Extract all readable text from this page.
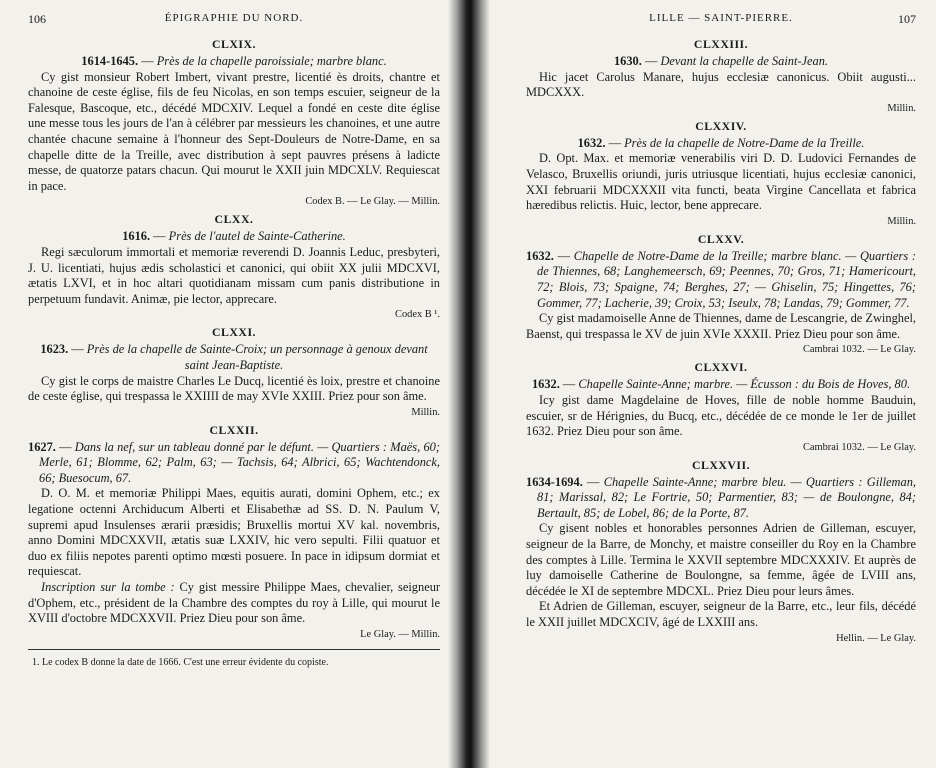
106	ÉPIGRAPHIE DU NORD.
CLXIX.

1614-1645. — Près de la chapelle paroissiale; marbre blanc.

Cy gist monsieur Robert Imbert, vivant prestre, licentié ès droits, chantre et chanoine de ceste église, fils de feu Nicolas, en son temps escuier, seigneur de la Falesque, Bascoque, etc., décédé MDCXIV. Lequel a fondé en ceste dite église une messe tous les jours de l'an à célébrer par messieurs les chanoines, et une autre chantée chacune semaine à l'honneur des Sept-Douleurs de Notre-Dame, en sa chapelle ditte de la Treille, avec distribution à sept pauvres présens à ladicte messe, de quatorze patars chacun. Qui mourut le XXII juin MDCXLV. Requiescat in pace.

Codex B. — Le Glay. — Millin.

CLXX.

1616. — Près de l'autel de Sainte-Catherine.

Regi sæculorum immortali et memoriæ reverendi D. Joannis Leduc, presbyteri, J. U. licentiati, hujus ædis scholastici et canonici, qui obiit XX julii MDCXVI, ætatis LXVI, et in hoc altari quotidianam missam cum panis distributione in perpetuum fundavit. Animæ, pie lector, apprecare.

Codex B ¹.

CLXXI.

1623. — Près de la chapelle de Sainte-Croix; un personnage à genoux devant saint Jean-Baptiste.

Cy gist le corps de maistre Charles Le Ducq, licentié ès loix, prestre et chanoine de ceste église, qui trespassa le XXIIII de may XVIe XXIII. Priez pour son âme.

Millin.

CLXXII.

1627. — Dans la nef, sur un tableau donné par le défunt. — Quartiers : Maës, 60; Merle, 61; Blomme, 62; Palm, 63; — Tachsis, 64; Albrici, 65; Wachtendonck, 66; Buesocum, 67.

D. O. M. et memoriæ Philippi Maes, equitis aurati, domini Ophem, etc.; ex legatione octenni Archiducum Alberti et Elisabethæ ad SS. D. N. Paulum V, supremi apud Insulenses ærarii præsidis; Bruxellis mortui XV kal. novembris, anno Domini MDCXXVII, ætatis suæ LXXIV, hic vero sepulti. Filii quatuor et duo ex filiis nepotes parenti optimo mœsti posuere. In pace in idipsum dormiat et requiescat.

Inscription sur la tombe : Cy gist messire Philippe Maes, chevalier, seigneur d'Ophem, etc., président de la Chambre des comptes du roy à Lille, qui mourut le XVIII d'octobre MDCXXVII. Priez Dieu pour son âme.

Le Glay. — Millin.

1. Le codex B donne la date de 1666. C'est une erreur évidente du copiste.

LILLE — SAINT-PIERRE.	107
CLXXIII.

1630. — Devant la chapelle de Saint-Jean.

Hic jacet Carolus Manare, hujus ecclesiæ canonicus. Obiit augusti... MDCXXX.

Millin.

CLXXIV.

1632. — Près de la chapelle de Notre-Dame de la Treille.

D. Opt. Max. et memoriæ venerabilis viri D. D. Ludovici Fernandes de Velasco, Bruxellis oriundi, juris utriusque licentiati, hujus ecclesiæ canonici, XXI februarii MDCXXXII vita functi, beata Virgine Cancellata et fabrica hæredibus relictis. Huic, lector, bene apprecare.

Millin.

CLXXV.

1632. — Chapelle de Notre-Dame de la Treille; marbre blanc. — Quartiers : de Thiennes, 68; Langhemeersch, 69; Peennes, 70; Gros, 71; Hamericourt, 72; Blois, 73; Spaigne, 74; Berghes, 27; — Ghiselin, 75; Hingettes, 76; Gommer, 77; Lacherie, 39; Croix, 53; Iseulx, 78; Landas, 79; Gommer, 77.

Cy gist madamoiselle Anne de Thiennes, dame de Lescangrie, de Zwinghel, Baenst, qui trespassa le XV de juin XVIe XXXII. Priez Dieu pour son âme.

Cambrai 1032. — Le Glay.

CLXXVI.

1632. — Chapelle Sainte-Anne; marbre. — Écusson : du Bois de Hoves, 80.

Icy gist dame Magdelaine de Hoves, fille de noble homme Bauduin, escuier, sr de Hérignies, du Bucq, etc., décédée de ce monde le 1er de juillet 1632. Priez Dieu pour son âme.

Cambrai 1032. — Le Glay.

CLXXVII.

1634-1694. — Chapelle Sainte-Anne; marbre bleu. — Quartiers : Gilleman, 81; Marissal, 82; Le Fortrie, 50; Parmentier, 83; — de Boulongne, 84; Bertault, 85; de Lobel, 86; de la Porte, 87.

Cy gisent nobles et honorables personnes Adrien de Gilleman, escuyer, seigneur de la Barre, de Monchy, et maistre conseiller du Roy en la Chambre des comptes à Lille. Termina le XXVII septembre MDCXXXIV. Et auprès de luy damoiselle Catherine de Boulongne, sa femme, âgée de LVIII ans, décédée le XI de septembre MDCXL. Priez Dieu pour leurs âmes.

Et Adrien de Gilleman, escuyer, seigneur de la Barre, etc., leur fils, décédé le XXII juillet MDCXCIV, âgé de LXXIII ans.

Hellin. — Le Glay.
